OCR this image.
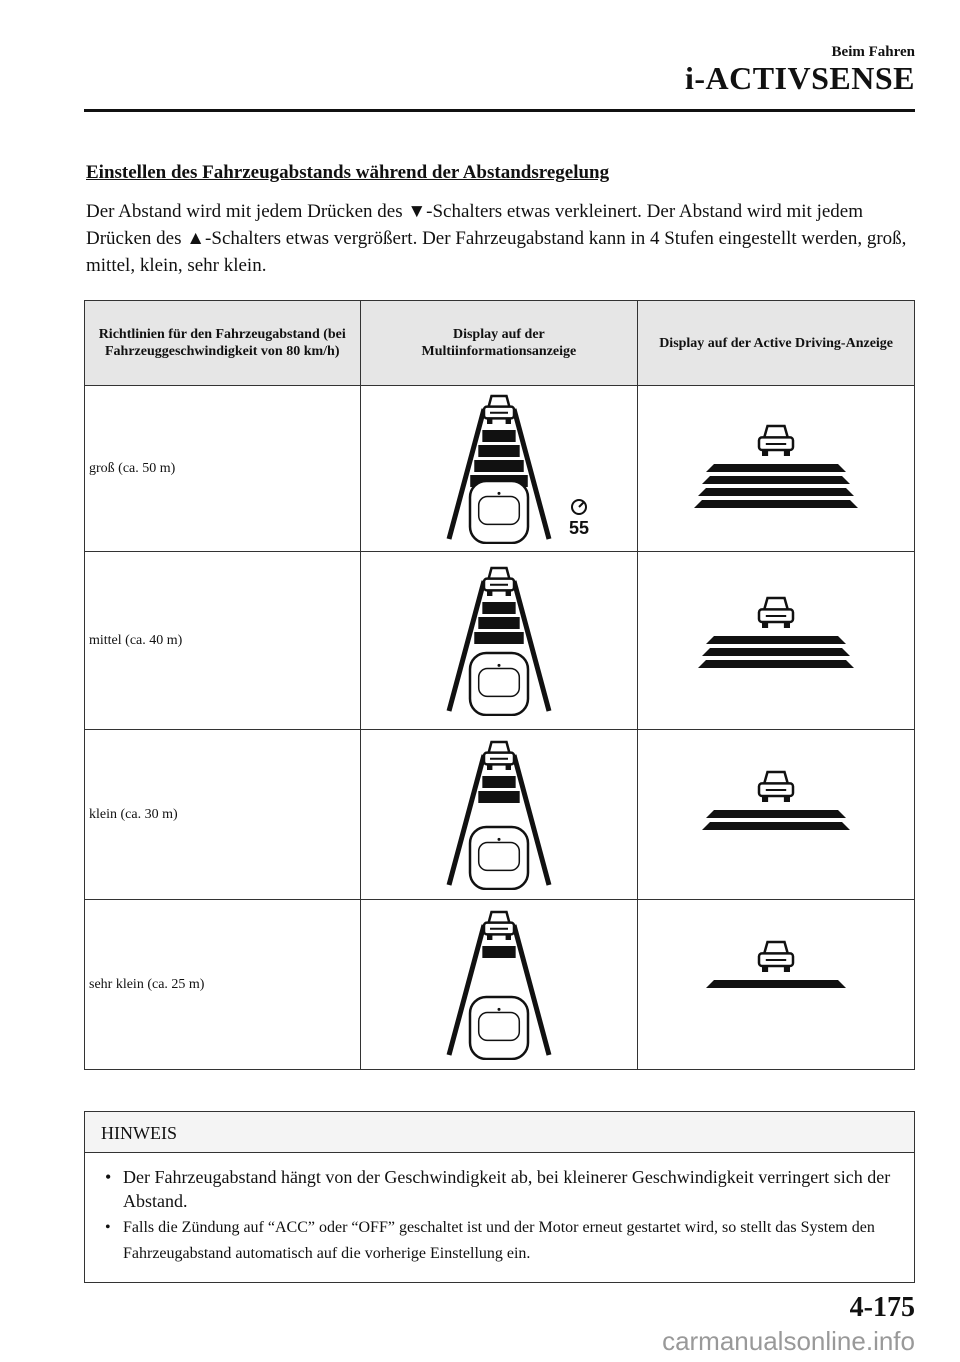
Beim Fahren
i-ACTIVSENSE
Einstellen des Fahrzeugabstands während der Abstandsregelung
Der Abstand wird mit jedem Drücken des ▼-Schalters etwas verkleinert. Der Abstand wird mit jedem Drücken des ▲-Schalters etwas vergrößert. Der Fahrzeugabstand kann in 4 Stufen eingestellt werden, groß, mittel, klein, sehr klein.
Richtlinien für den Fahrzeugabstand (bei Fahrzeuggeschwindigkeit von 80 km/h)	Display auf der Multiinformationsanzeige	Display auf der Active Driving-Anzeige
groß (ca. 50 m)	55

mittel (ca. 40 m)	

klein (ca. 30 m)	

sehr klein (ca. 25 m)	

HINWEIS
• Der Fahrzeugabstand hängt von der Geschwindigkeit ab, bei kleinerer Geschwindigkeit verringert sich der Abstand.
• Falls die Zündung auf “ACC” oder “OFF” geschaltet ist und der Motor erneut gestartet wird, so stellt das System den Fahrzeugabstand automatisch auf die vorherige Einstellung ein.
4-175
carmanualsonline.info
